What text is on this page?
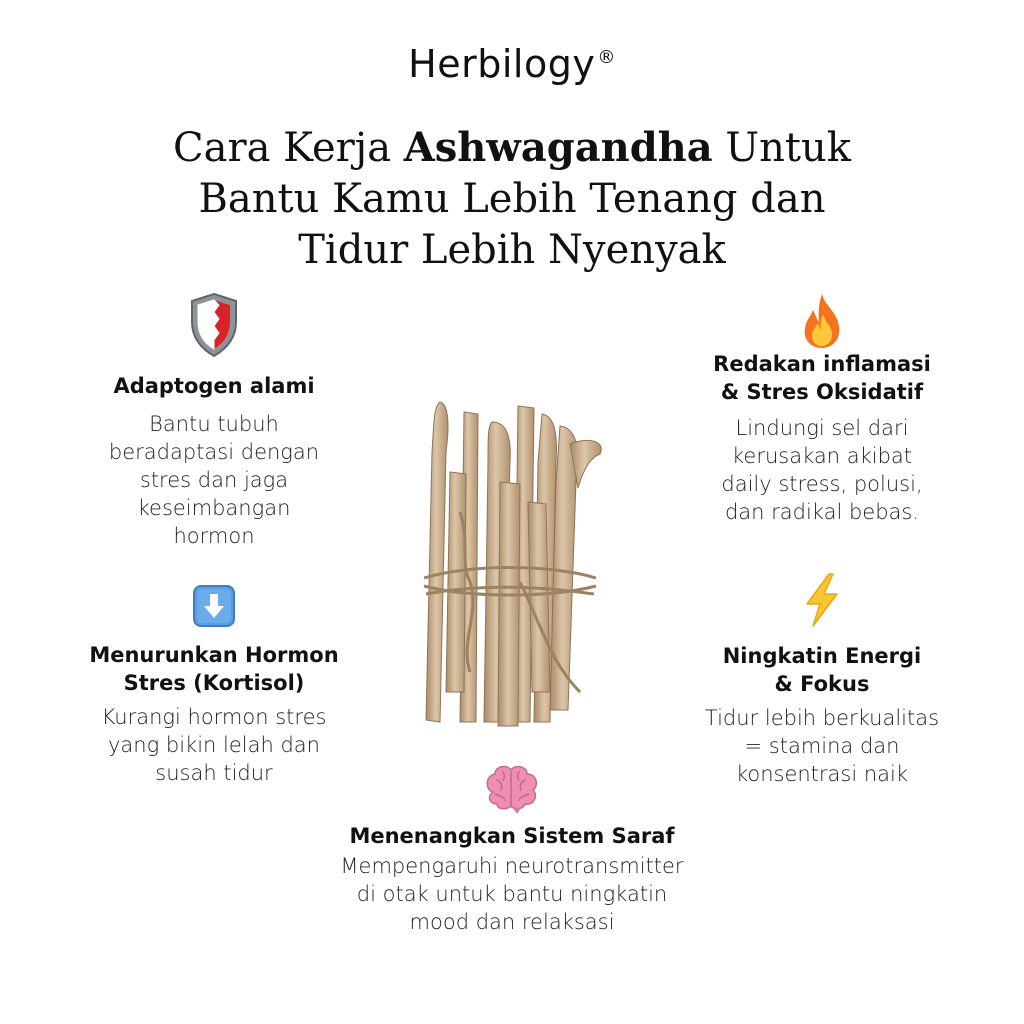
Herbilogy ®
Cara Kerja Ashwagandha Untuk
Bantu Kamu Lebih Tenang dan
Tidur Lebih Nyenyak
Adaptogen alami
Bantu tubuh
beradaptasi dengan
stres dan jaga
keseimbangan
hormon
Redakan inflamasi
& Stres Oksidatif
Lindungi sel dari
kerusakan akibat
daily stress, polusi,
dan radikal bebas.
Menurunkan Hormon
Stres (Kortisol)
Kurangi hormon stres
yang bikin lelah dan
susah tidur
Ningkatin Energi
& Fokus
Tidur lebih berkualitas
= stamina dan
konsentrasi naik
Menenangkan Sistem Saraf
Mempengaruhi neurotransmitter
di otak untuk bantu ningkatin
mood dan relaksasi
